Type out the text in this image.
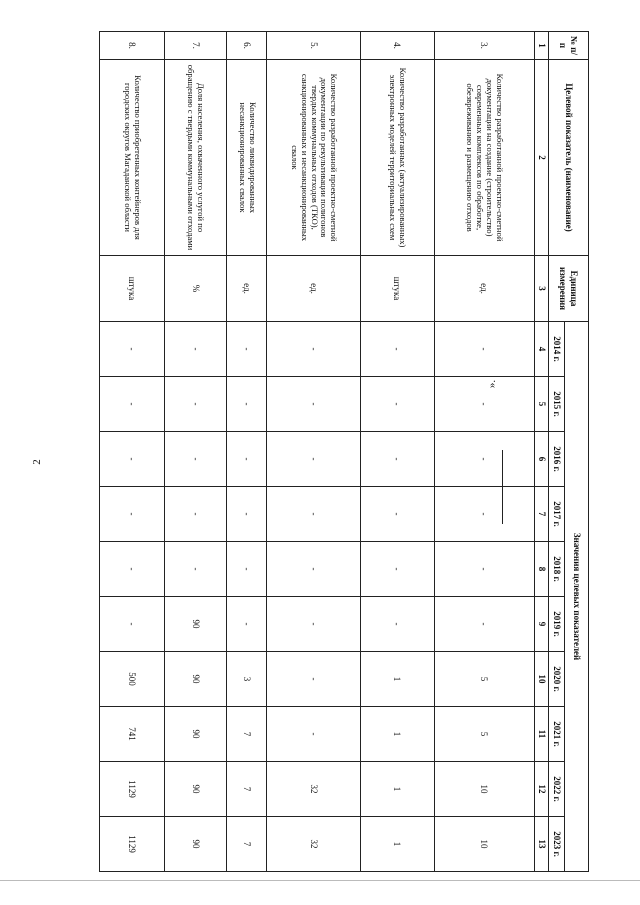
2
».
№ п/п	Целевой показатель (наименование)	Единица измерения	Значения целевых показателей									
			2014 г.	2015 г.	2016 г.	2017 г.	2018 г.	2019 г.	2020 г.	2021 г.	2022 г.	2023 г.
1	2	3	4	5	6	7	8	9	10	11	12	13
3.	Количество разработанной проектно-сметной документации на создание (строительство) современных комплексов по обработке, обезвреживанию и размещению отходов	ед.	-	-	-	-	-	-	5	5	10	10
4.	Количество разработанных (актуализированных) электронных моделей территориальных схем	штука	-	-	-	-	-	-	1	1	1	1
5.	Количество разработанной проектно-сметной документации по рекультивации полигонов твердых коммунальных отходов (ТКО), санкционированных и несанкционированных свалок	ед.	-	-	-	-	-	-	-	-	32	32
6.	Количество ликвидированных несанкционированных свалок	ед.	-	-	-	-	-	-	3	7	7	7
7.	Доля населения, охваченного услугой по обращению с твердыми коммунальными отходами	%	-	-	-	-	-	90	90	90	90	90
8.	Количество приобретенных контейнеров для городских округов Магаданской области	штука	-	-	-	-	-	-	500	741	1129	1129
